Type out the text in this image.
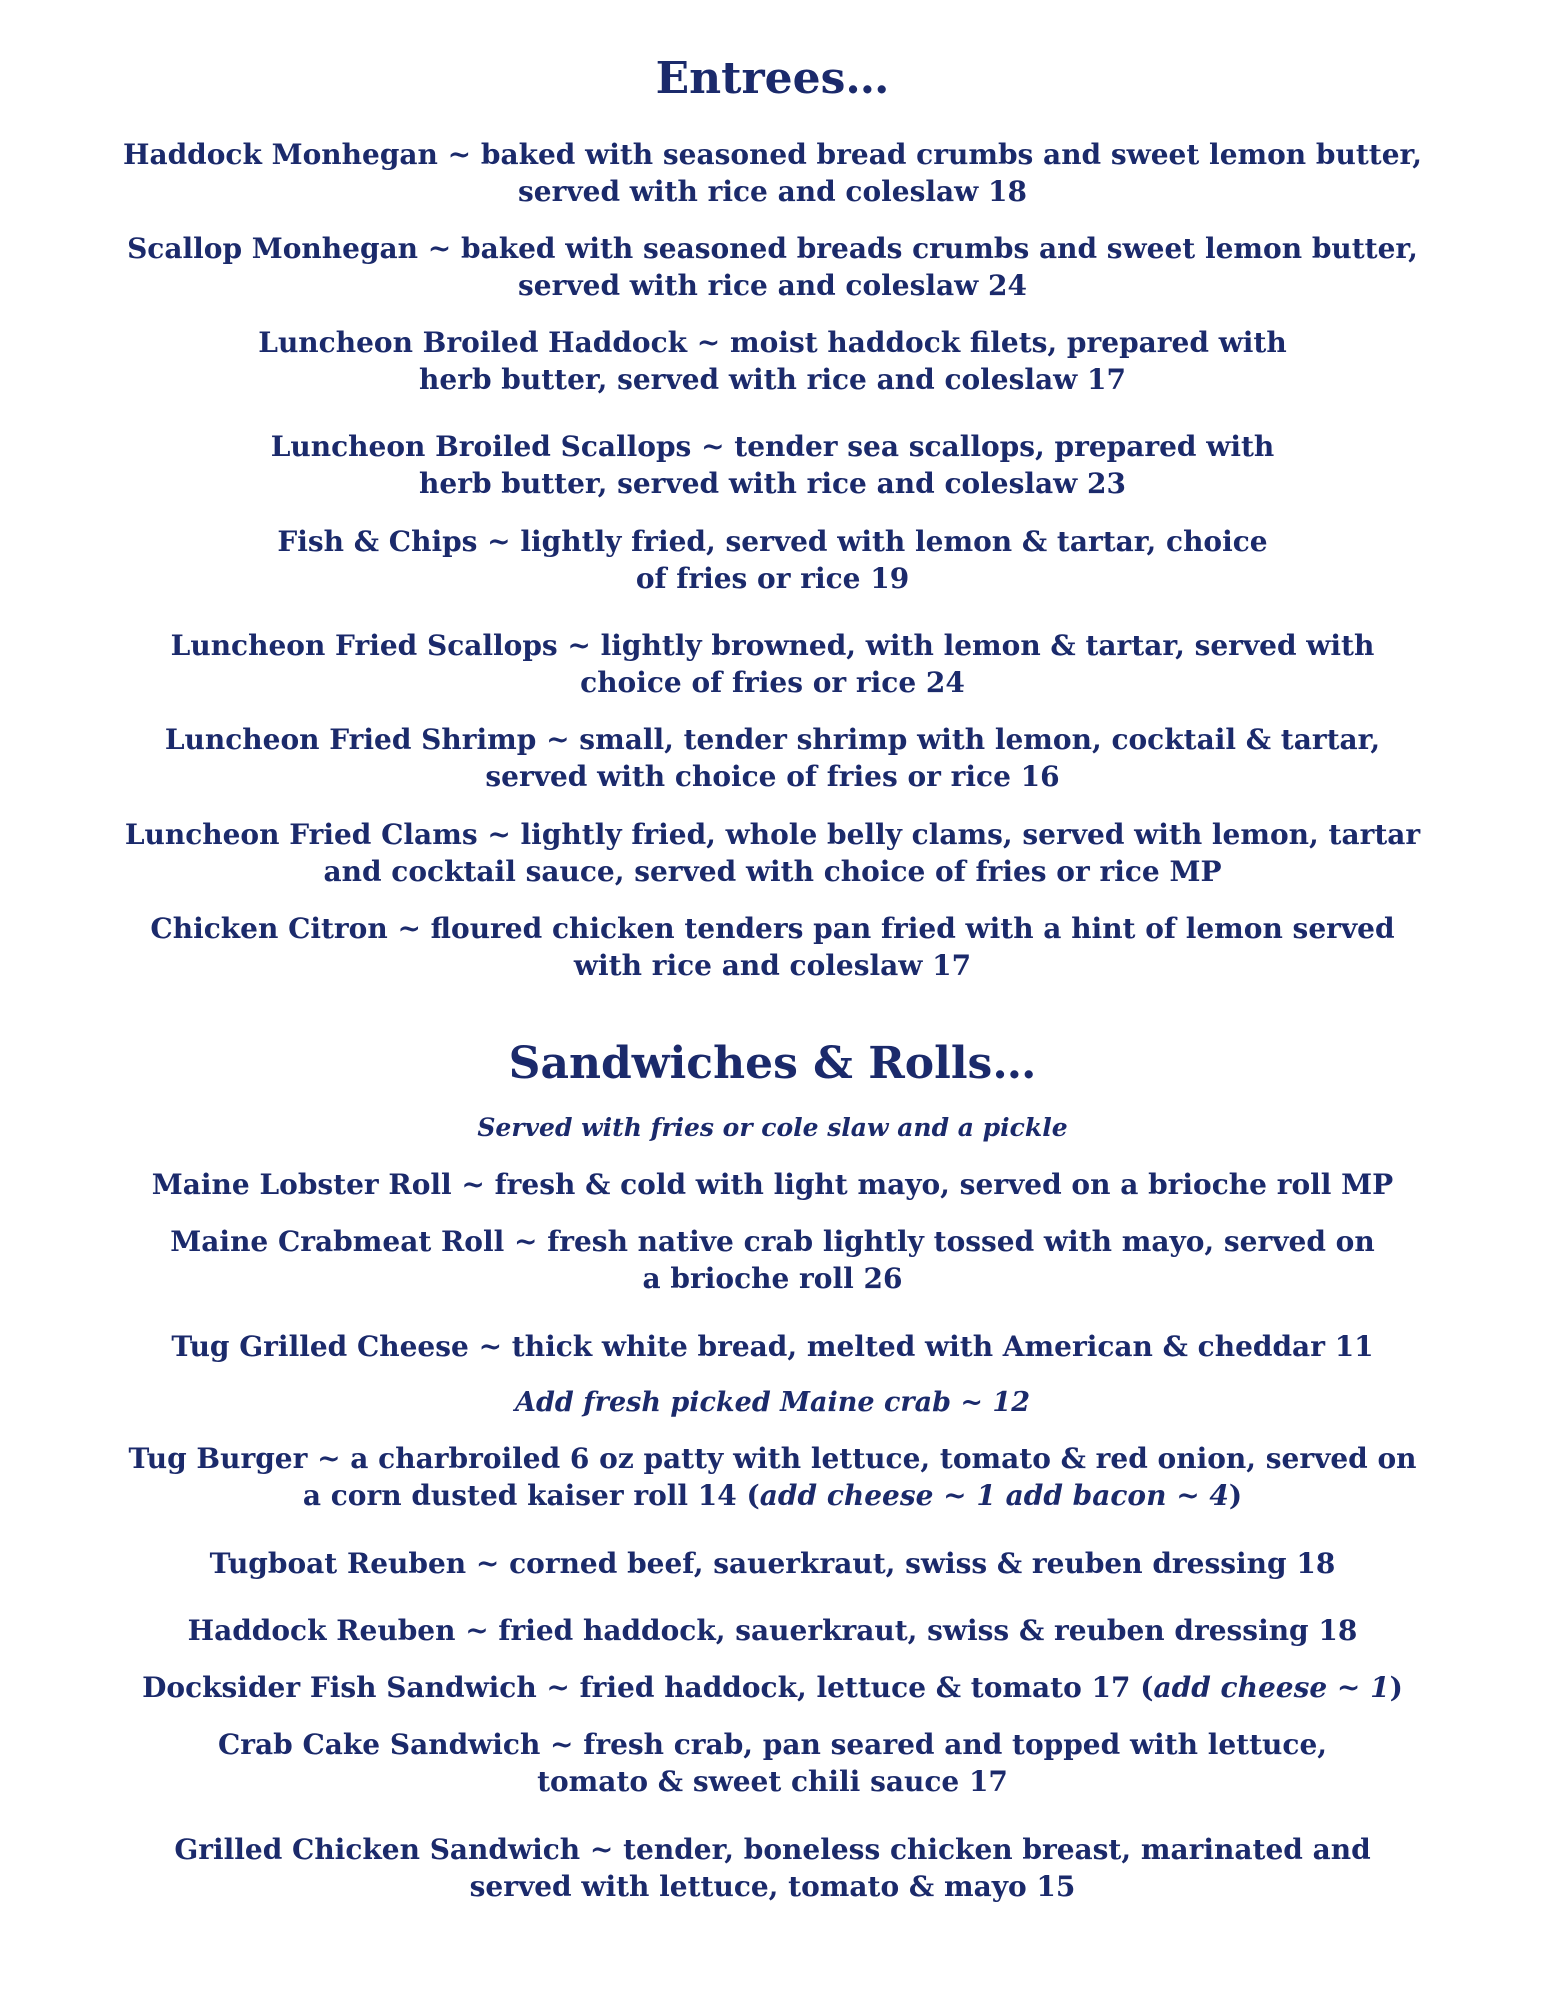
Entrees…

Haddock Monhegan ~ baked with seasoned bread crumbs and sweet lemon butter,
served with rice and coleslaw 18

Scallop Monhegan ~ baked with seasoned breads crumbs and sweet lemon butter,
served with rice and coleslaw 24

Luncheon Broiled Haddock ~ moist haddock filets, prepared with
herb butter, served with rice and coleslaw 17

Luncheon Broiled Scallops ~ tender sea scallops, prepared with
herb butter, served with rice and coleslaw 23

Fish & Chips ~ lightly fried, served with lemon & tartar, choice
of fries or rice 19

Luncheon Fried Scallops ~ lightly browned, with lemon & tartar, served with
choice of fries or rice 24

Luncheon Fried Shrimp ~ small, tender shrimp with lemon, cocktail & tartar,
served with choice of fries or rice 16

Luncheon Fried Clams ~ lightly fried, whole belly clams, served with lemon, tartar
and cocktail sauce, served with choice of fries or rice MP

Chicken Citron ~ floured chicken tenders pan fried with a hint of lemon served
with rice and coleslaw 17

Sandwiches & Rolls…

Served with fries or cole slaw and a pickle

Maine Lobster Roll ~ fresh & cold with light mayo, served on a brioche roll MP

Maine Crabmeat Roll ~ fresh native crab lightly tossed with mayo, served on
a brioche roll 26

Tug Grilled Cheese ~ thick white bread, melted with American & cheddar 11

Add fresh picked Maine crab ~ 12

Tug Burger ~ a charbroiled 6 oz patty with lettuce, tomato & red onion, served on
a corn dusted kaiser roll 14 (add cheese ~ 1 add bacon ~ 4)

Tugboat Reuben ~ corned beef, sauerkraut, swiss & reuben dressing 18

Haddock Reuben ~ fried haddock, sauerkraut, swiss & reuben dressing 18

Docksider Fish Sandwich ~ fried haddock, lettuce & tomato 17 (add cheese ~ 1)

Crab Cake Sandwich ~ fresh crab, pan seared and topped with lettuce,
tomato & sweet chili sauce 17

Grilled Chicken Sandwich ~ tender, boneless chicken breast, marinated and
served with lettuce, tomato & mayo 15
